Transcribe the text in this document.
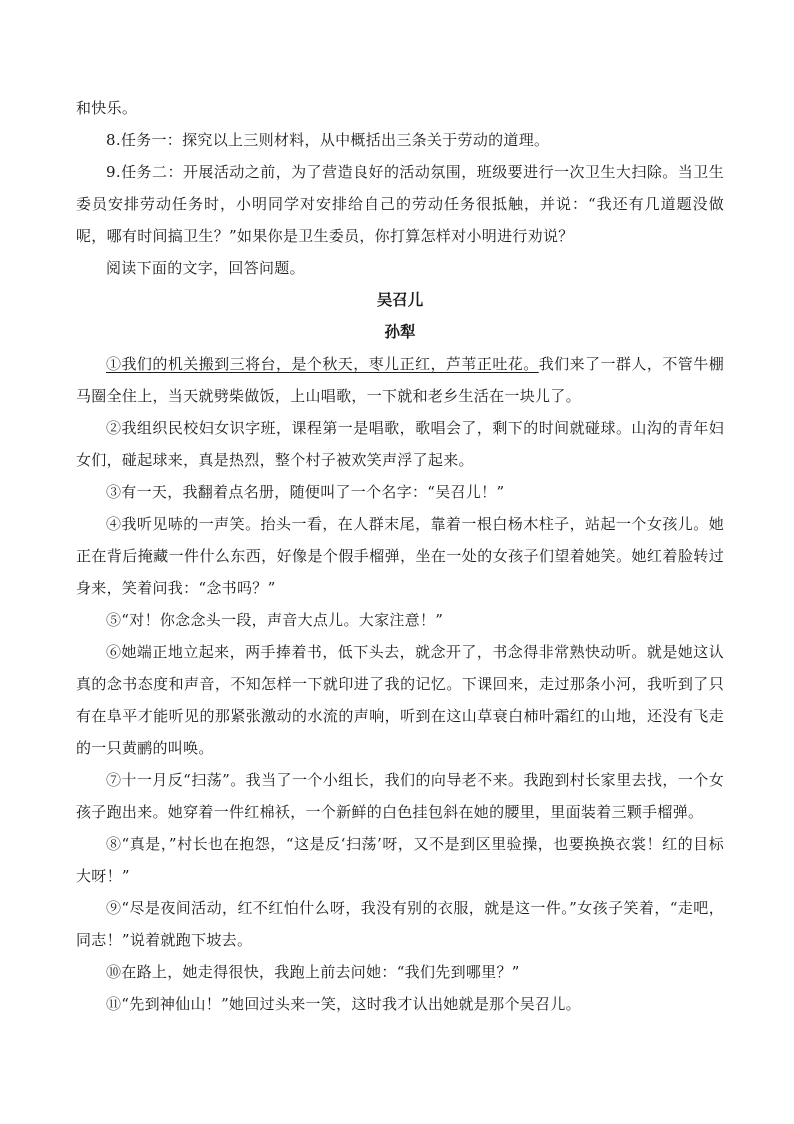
和快乐。

8.任务一：探究以上三则材料，从中概括出三条关于劳动的道理。

9.任务二：开展活动之前，为了营造良好的活动氛围，班级要进行一次卫生大扫除。当卫生委员安排劳动任务时，小明同学对安排给自己的劳动任务很抵触，并说：“我还有几道题没做呢，哪有时间搞卫生？”如果你是卫生委员，你打算怎样对小明进行劝说？

阅读下面的文字，回答问题。

吴召儿

孙犁

①我们的机关搬到三将台，是个秋天，枣儿正红，芦苇正吐花。我们来了一群人，不管牛棚马圈全住上，当天就劈柴做饭，上山唱歌，一下就和老乡生活在一块儿了。

②我组织民校妇女识字班，课程第一是唱歌，歌唱会了，剩下的时间就碰球。山沟的青年妇女们，碰起球来，真是热烈，整个村子被欢笑声浮了起来。

③有一天，我翻着点名册，随便叫了一个名字：“吴召儿！”

④我听见哧的一声笑。抬头一看，在人群末尾，靠着一根白杨木柱子，站起一个女孩儿。她正在背后掩藏一件什么东西，好像是个假手榴弹，坐在一处的女孩子们望着她笑。她红着脸转过身来，笑着问我：“念书吗？”

⑤“对！你念念头一段，声音大点儿。大家注意！”

⑥她端正地立起来，两手捧着书，低下头去，就念开了，书念得非常熟快动听。就是她这认真的念书态度和声音，不知怎样一下就印进了我的记忆。下课回来，走过那条小河，我听到了只有在阜平才能听见的那紧张激动的水流的声响，听到在这山草衰白柿叶霜红的山地，还没有飞走的一只黄鹂的叫唤。

⑦十一月反“扫荡”。我当了一个小组长，我们的向导老不来。我跑到村长家里去找，一个女孩子跑出来。她穿着一件红棉袄，一个新鲜的白色挂包斜在她的腰里，里面装着三颗手榴弹。

⑧“真是，”村长也在抱怨，“这是反‘扫荡’呀，又不是到区里验操，也要换换衣裳！红的目标大呀！”

⑨“尽是夜间活动，红不红怕什么呀，我没有别的衣服，就是这一件。”女孩子笑着，“走吧，同志！”说着就跑下坡去。

⑩在路上，她走得很快，我跑上前去问她：“我们先到哪里？”

⑪“先到神仙山！”她回过头来一笑，这时我才认出她就是那个吴召儿。
